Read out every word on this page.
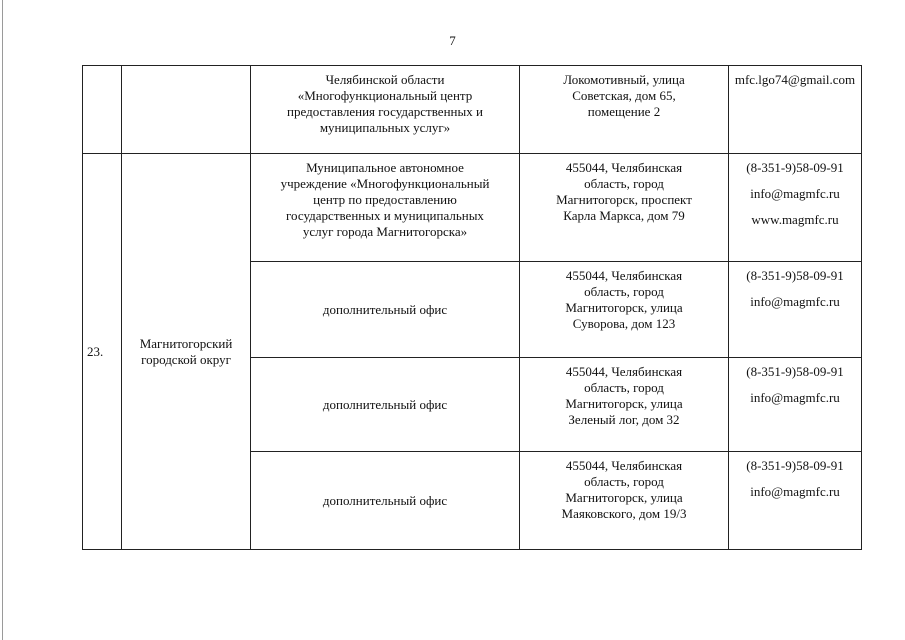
7

		Челябинской области
«Многофункциональный центр
предоставления государственных и
муниципальных услуг»	Локомотивный, улица
Советская, дом 65,
помещение 2	mfc.lgo74@gmail.com

23.	Магнитогорский
городской округ	Муниципальное автономное
учреждение «Многофункциональный
центр по предоставлению
государственных и муниципальных
услуг города Магнитогорска»	455044, Челябинская
область, город
Магнитогорск, проспект
Карла Маркса, дом 79	(8-351-9)58-09-91
info@magmfc.ru
www.magmfc.ru

		дополнительный офис	455044, Челябинская
область, город
Магнитогорск, улица
Суворова, дом 123	(8-351-9)58-09-91
info@magmfc.ru

		дополнительный офис	455044, Челябинская
область, город
Магнитогорск, улица
Зеленый лог, дом 32	(8-351-9)58-09-91
info@magmfc.ru

		дополнительный офис	455044, Челябинская
область, город
Магнитогорск, улица
Маяковского, дом 19/3	(8-351-9)58-09-91
info@magmfc.ru
